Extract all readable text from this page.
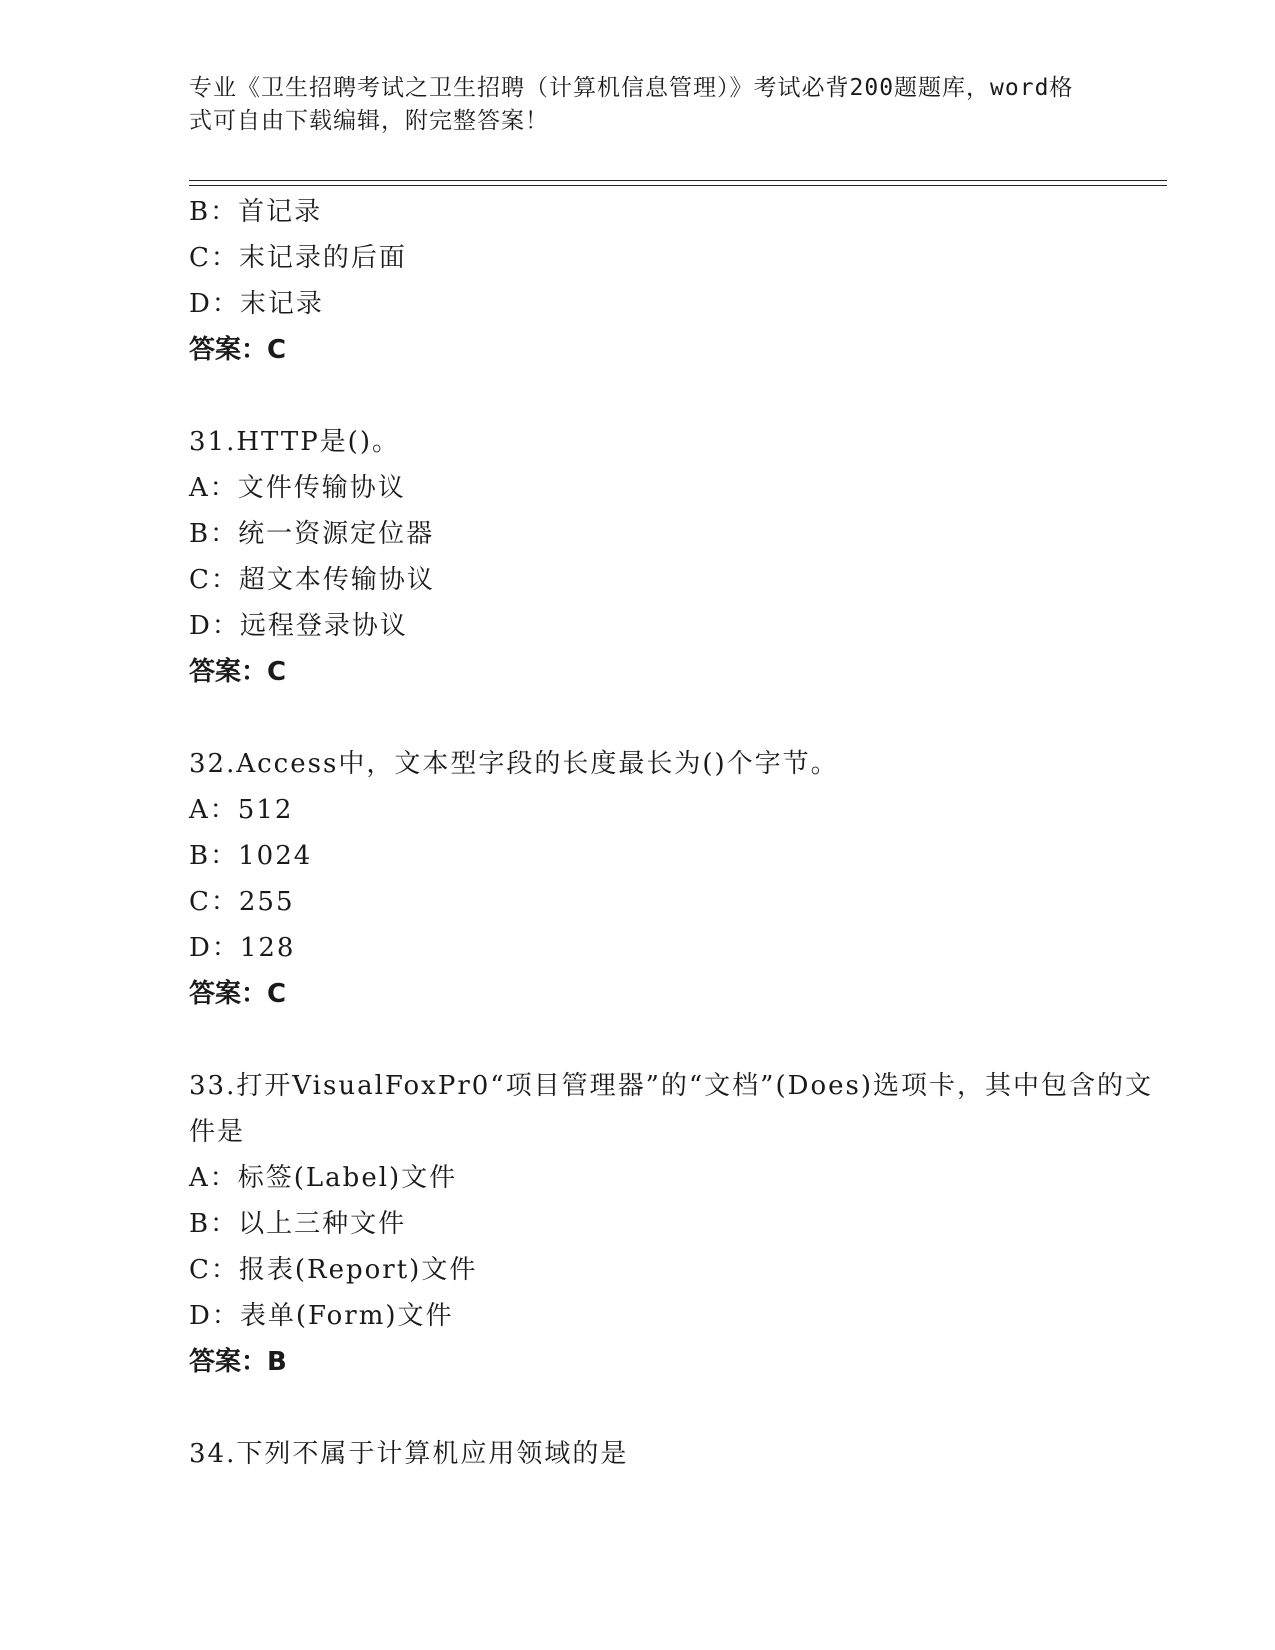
专业《卫生招聘考试之卫生招聘（计算机信息管理）》考试必背200题题库，word格式可自由下载编辑，附完整答案！
B：首记录
C：末记录的后面
D：末记录
答案：C
31.HTTP是()。
A：文件传输协议
B：统一资源定位器
C：超文本传输协议
D：远程登录协议
答案：C
32.Access中，文本型字段的长度最长为()个字节。
A：512
B：1024
C：255
D：128
答案：C
33.打开VisualFoxPr0“项目管理器”的“文档”(Does)选项卡，其中包含的文件是
A：标签(Label)文件
B：以上三种文件
C：报表(Report)文件
D：表单(Form)文件
答案：B
34.下列不属于计算机应用领域的是
